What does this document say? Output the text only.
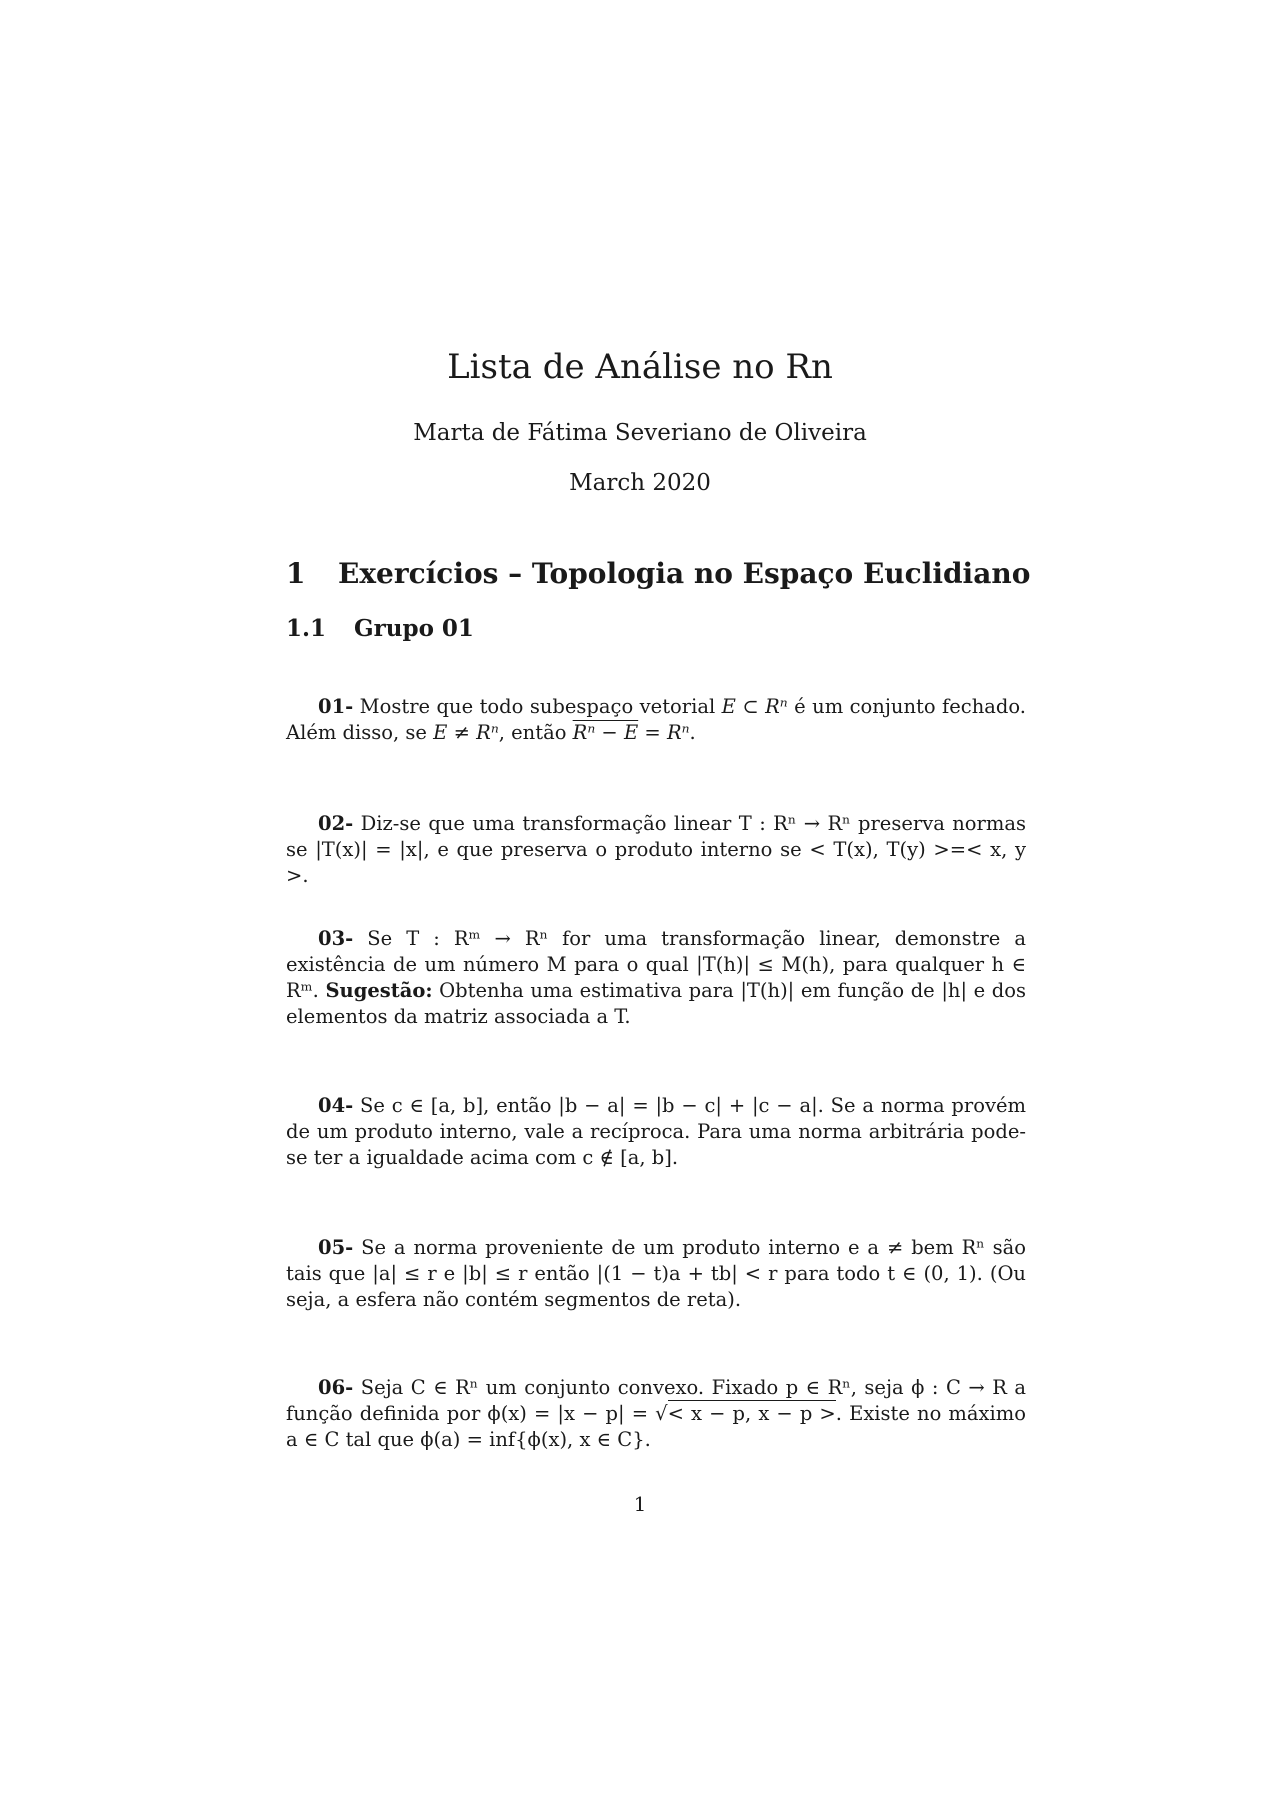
Lista de Análise no Rn
Marta de Fátima Severiano de Oliveira
March 2020
1 Exercícios – Topologia no Espaço Euclidiano
1.1 Grupo 01

01- Mostre que todo subespaço vetorial E ⊂ Rⁿ é um conjunto fechado. Além disso, se E ≠ Rⁿ, então Rⁿ − E = Rⁿ.

02- Diz-se que uma transformação linear T : Rⁿ → Rⁿ preserva normas se |T(x)| = |x|, e que preserva o produto interno se < T(x), T(y) >=< x, y >.

03- Se T : Rᵐ → Rⁿ for uma transformação linear, demonstre a existência de um número M para o qual |T(h)| ≤ M(h), para qualquer h ∈ Rᵐ. Sugestão: Obtenha uma estimativa para |T(h)| em função de |h| e dos elementos da matriz associada a T.

04- Se c ∈ [a, b], então |b − a| = |b − c| + |c − a|. Se a norma provém de um produto interno, vale a recíproca. Para uma norma arbitrária pode-se ter a igualdade acima com c ∉ [a, b].

05- Se a norma proveniente de um produto interno e a ≠ bem Rⁿ são tais que |a| ≤ r e |b| ≤ r então |(1 − t)a + tb| < r para todo t ∈ (0, 1). (Ou seja, a esfera não contém segmentos de reta).

06- Seja C ∈ Rⁿ um conjunto convexo. Fixado p ∈ Rⁿ, seja ϕ : C → R a função definida por ϕ(x) = |x − p| = √< x − p, x − p >. Existe no máximo a ∈ C tal que ϕ(a) = inf{ϕ(x), x ∈ C}.

1
